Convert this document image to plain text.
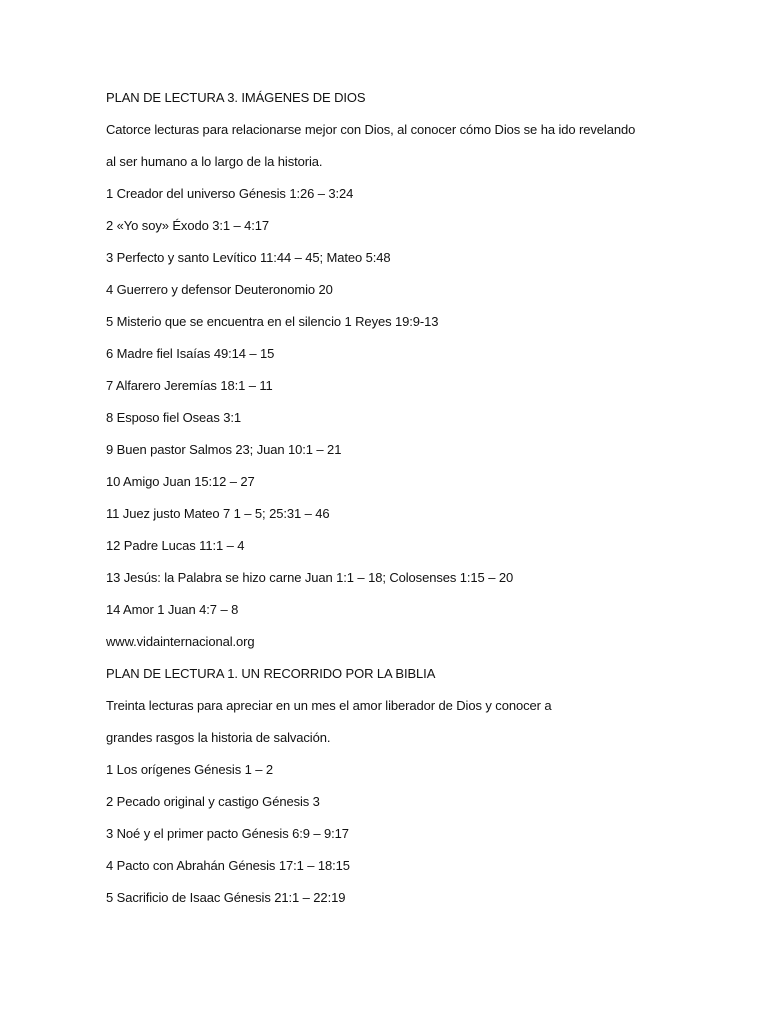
PLAN DE LECTURA 3. IMÁGENES DE DIOS
Catorce lecturas para relacionarse mejor con Dios, al conocer cómo Dios se ha ido revelando
al ser humano a lo largo de la historia.
1 Creador del universo Génesis 1:26 – 3:24
2 «Yo soy» Éxodo 3:1 – 4:17
3 Perfecto y santo Levítico 11:44 – 45; Mateo 5:48
4 Guerrero y defensor Deuteronomio 20
5 Misterio que se encuentra en el silencio 1 Reyes 19:9-13
6 Madre fiel Isaías 49:14 – 15
7 Alfarero Jeremías 18:1 – 11
8 Esposo fiel Oseas 3:1
9 Buen pastor Salmos 23; Juan 10:1 – 21
10 Amigo Juan 15:12 – 27
11 Juez justo Mateo 7 1 – 5; 25:31 – 46
12 Padre Lucas 11:1 – 4
13 Jesús: la Palabra se hizo carne Juan 1:1 – 18; Colosenses 1:15 – 20
14 Amor 1 Juan 4:7 – 8
www.vidainternacional.org
PLAN DE LECTURA 1. UN RECORRIDO POR LA BIBLIA
Treinta lecturas para apreciar en un mes el amor liberador de Dios y conocer a
grandes rasgos la historia de salvación.
1 Los orígenes Génesis 1 – 2
2 Pecado original y castigo Génesis 3
3 Noé y el primer pacto Génesis 6:9 – 9:17
4 Pacto con Abrahán Génesis 17:1 – 18:15
5 Sacrificio de Isaac Génesis 21:1 – 22:19
